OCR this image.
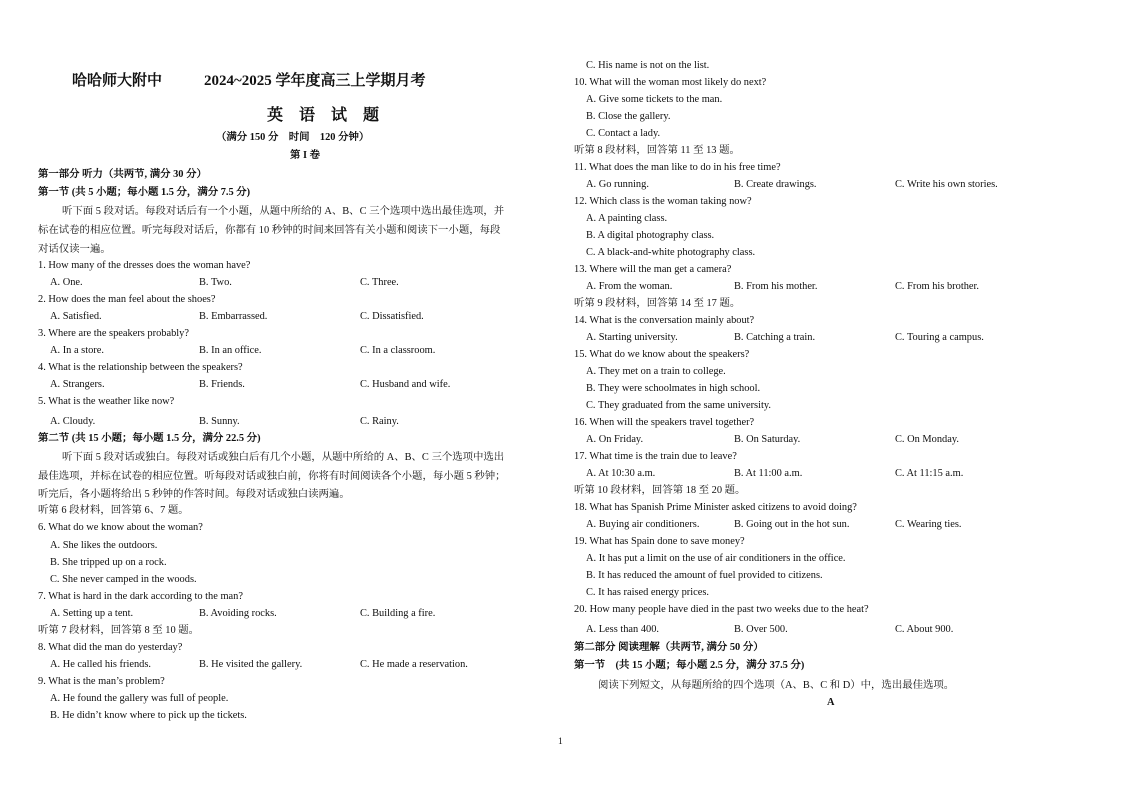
哈哈师大附中	2024~2025 学年度高三上学期月考
英 语 试 题
（满分 150 分　时间　120 分钟）
第 I 卷
第一部分 听力（共两节, 满分 30 分）
第一节 (共 5 小题；每小题 1.5 分，满分 7.5 分)
听下面 5 段对话。每段对话后有一个小题，从题中所给的 A、B、C 三个选项中选出最佳选项，并
标在试卷的相应位置。听完每段对话后，你都有 10 秒钟的时间来回答有关小题和阅读下一小题，每段
对话仅读一遍。
1. How many of the dresses does the woman have?
A. One.	B. Two.	C. Three.
2. How does the man feel about the shoes?
A. Satisfied.	B. Embarrassed.	C. Dissatisfied.
3. Where are the speakers probably?
A. In a store.	B. In an office.	C. In a classroom.
4. What is the relationship between the speakers?
A. Strangers.	B. Friends.	C. Husband and wife.
5. What is the weather like now?
A. Cloudy.	B. Sunny.	C. Rainy.
第二节 (共 15 小题；每小题 1.5 分，满分 22.5 分)
听下面 5 段对话或独白。每段对话或独白后有几个小题，从题中所给的 A、B、C 三个选项中选出
最佳选项，并标在试卷的相应位置。听每段对话或独白前，你将有时间阅读各个小题，每小题 5 秒钟；
听完后，各小题将给出 5 秒钟的作答时间。每段对话或独白读两遍。
听第 6 段材料，回答第 6、7 题。
6. What do we know about the woman?
A. She likes the outdoors.
B. She tripped up on a rock.
C. She never camped in the woods.
7. What is hard in the dark according to the man?
A. Setting up a tent.	B. Avoiding rocks.	C. Building a fire.
听第 7 段材料，回答第 8 至 10 题。
8. What did the man do yesterday?
A. He called his friends.	B. He visited the gallery.	C. He made a reservation.
9. What is the man’s problem?
A. He found the gallery was full of people.
B. He didn’t know where to pick up the tickets.
C. His name is not on the list.
10. What will the woman most likely do next?
A. Give some tickets to the man.
B. Close the gallery.
C. Contact a lady.
听第 8 段材料，回答第 11 至 13 题。
11. What does the man like to do in his free time?
A. Go running.	B. Create drawings.	C. Write his own stories.
12. Which class is the woman taking now?
A. A painting class.
B. A digital photography class.
C. A black-and-white photography class.
13. Where will the man get a camera?
A. From the woman.	B. From his mother.	C. From his brother.
听第 9 段材料，回答第 14 至 17 题。
14. What is the conversation mainly about?
A. Starting university.	B. Catching a train.	C. Touring a campus.
15. What do we know about the speakers?
A. They met on a train to college.
B. They were schoolmates in high school.
C. They graduated from the same university.
16. When will the speakers travel together?
A. On Friday.	B. On Saturday.	C. On Monday.
17. What time is the train due to leave?
A. At 10:30 a.m.	B. At 11:00 a.m.	C. At 11:15 a.m.
听第 10 段材料，回答第 18 至 20 题。
18. What has Spanish Prime Minister asked citizens to avoid doing?
A. Buying air conditioners.	B. Going out in the hot sun.	C. Wearing ties.
19. What has Spain done to save money?
A. It has put a limit on the use of air conditioners in the office.
B. It has reduced the amount of fuel provided to citizens.
C. It has raised energy prices.
20. How many people have died in the past two weeks due to the heat?
A. Less than 400.	B. Over 500.	C. About 900.
第二部分 阅读理解（共两节, 满分 50 分）
第一节　(共 15 小题；每小题 2.5 分，满分 37.5 分)
阅读下列短文，从每题所给的四个选项（A、B、C 和 D）中，选出最佳选项。
A
1
